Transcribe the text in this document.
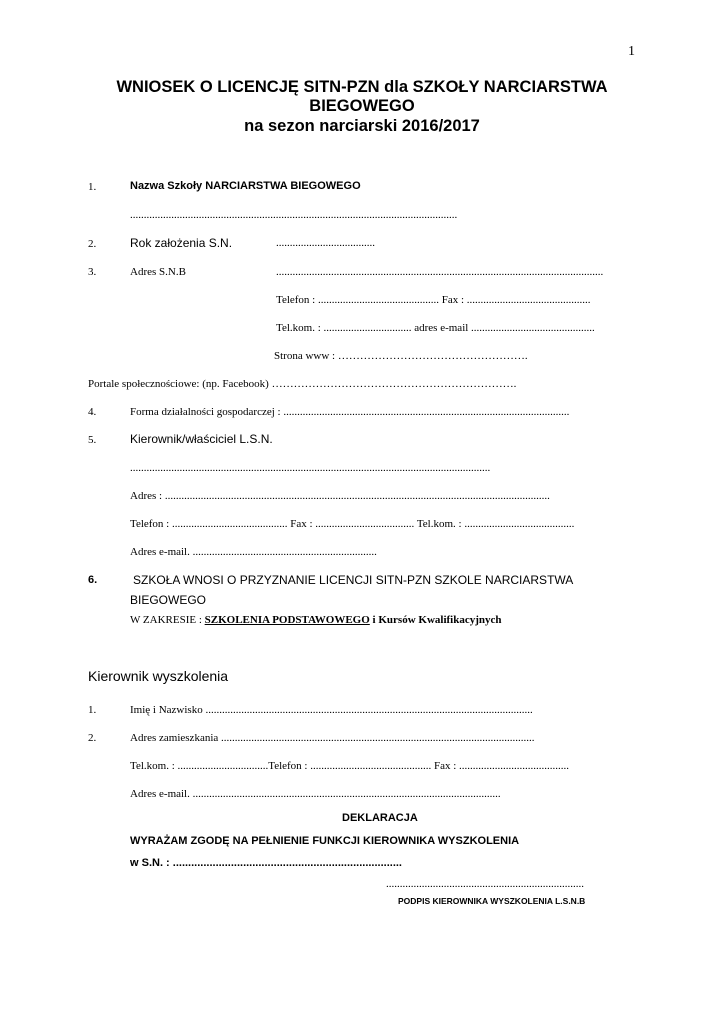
1
WNIOSEK O LICENCJĘ SITN-PZN dla SZKOŁY NARCIARSTWA
BIEGOWEGO
na sezon narciarski 2016/2017
1.	Nazwa Szkoły NARCIARSTWA BIEGOWEGO
.......................................................................................................................
2.	Rok założenia S.N.	....................................
3.	Adres S.N.B	.......................................................................................................................
Telefon : ............................................ Fax : .............................................
Tel.kom. : ................................ adres e-mail .............................................
Strona www : …………………………………………….
Portale społecznościowe: (np. Facebook) ………………………………………………………….
4.	Forma działalności gospodarczej : ........................................................................................................
5.	Kierownik/właściciel L.S.N.
...................................................................................................................................
Adres : ............................................................................................................................................
Telefon : .......................................... Fax : .................................... Tel.kom. : ........................................
Adres e-mail. ...................................................................
6.	SZKOŁA WNOSI O PRZYZNANIE LICENCJI SITN-PZN SZKOLE NARCIARSTWA
BIEGOWEGO
W ZAKRESIE : SZKOLENIA PODSTAWOWEGO i Kursów Kwalifikacyjnych
Kierownik wyszkolenia
1.	Imię i Nazwisko .......................................................................................................................
2.	Adres zamieszkania ..................................................................................................................
Tel.kom. : .................................Telefon : ............................................ Fax : ........................................
Adres e-mail. ................................................................................................................
DEKLARACJA
WYRAŻAM ZGODĘ NA PEŁNIENIE FUNKCJI KIEROWNIKA WYSZKOLENIA
w S.N. : ...........................................................................
........................................................................
PODPIS KIEROWNIKA WYSZKOLENIA L.S.N.B
